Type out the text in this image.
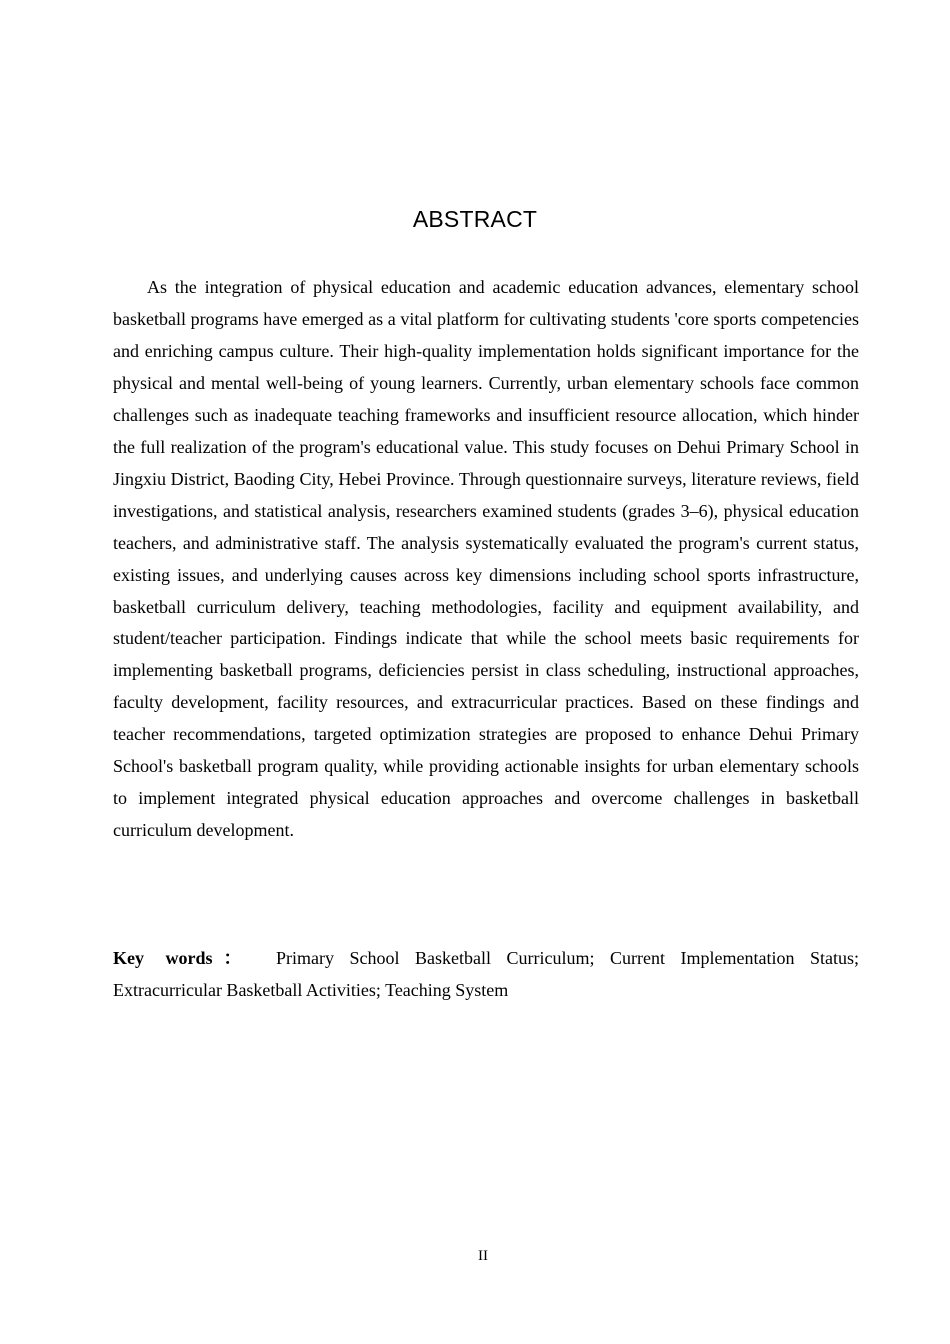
ABSTRACT

As the integration of physical education and academic education advances, elementary school basketball programs have emerged as a vital platform for cultivating students 'core sports competencies and enriching campus culture. Their high-quality implementation holds significant importance for the physical and mental well-being of young learners. Currently, urban elementary schools face common challenges such as inadequate teaching frameworks and insufficient resource allocation, which hinder the full realization of the program's educational value. This study focuses on Dehui Primary School in Jingxiu District, Baoding City, Hebei Province. Through questionnaire surveys, literature reviews, field investigations, and statistical analysis, researchers examined students (grades 3–6), physical education teachers, and administrative staff. The analysis systematically evaluated the program's current status, existing issues, and underlying causes across key dimensions including school sports infrastructure, basketball curriculum delivery, teaching methodologies, facility and equipment availability, and student/teacher participation. Findings indicate that while the school meets basic requirements for implementing basketball programs, deficiencies persist in class scheduling, instructional approaches, faculty development, facility resources, and extracurricular practices. Based on these findings and teacher recommendations, targeted optimization strategies are proposed to enhance Dehui Primary School's basketball program quality, while providing actionable insights for urban elementary schools to implement integrated physical education approaches and overcome challenges in basketball curriculum development.

Key words： Primary School Basketball Curriculum; Current Implementation Status; Extracurricular Basketball Activities; Teaching System

II
